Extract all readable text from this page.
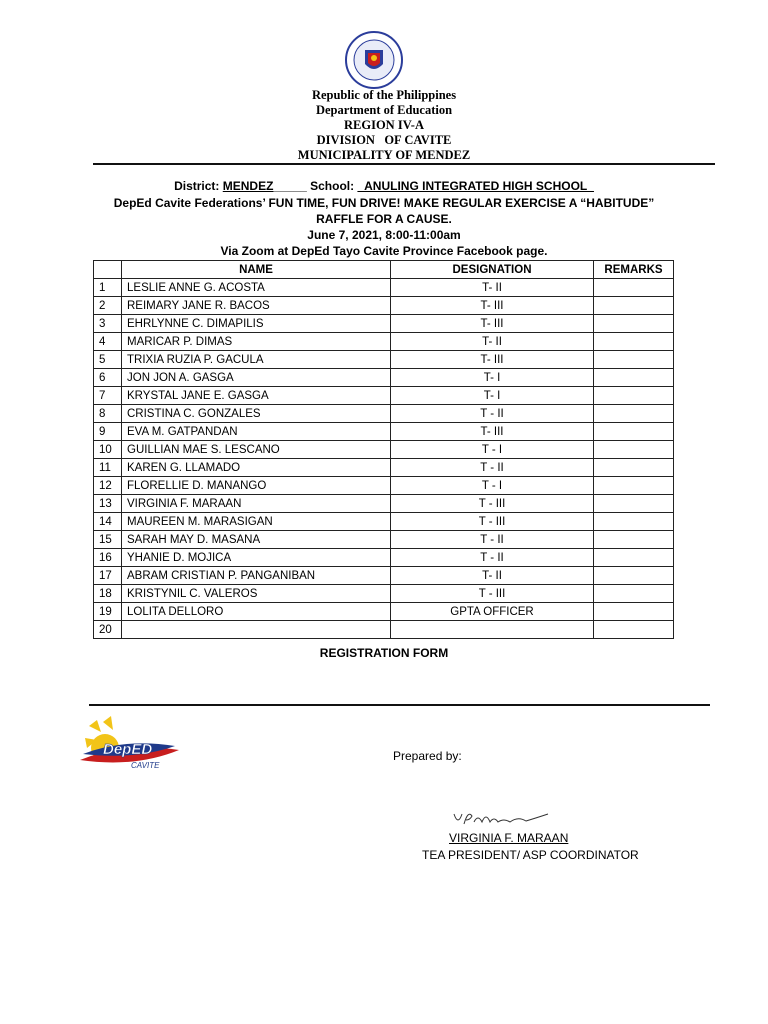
Republic of the Philippines
Department of Education
REGION IV-A
DIVISION   OF CAVITE
MUNICIPALITY OF MENDEZ
District: MENDEZ_____ School: _ANULING INTEGRATED HIGH SCHOOL_
DepEd Cavite Federations’ FUN TIME, FUN DRIVE! MAKE REGULAR EXERCISE A “HABITUDE”
RAFFLE FOR A CAUSE.
June 7, 2021, 8:00-11:00am
Via Zoom at DepEd Tayo Cavite Province Facebook page.
	NAME	DESIGNATION	REMARKS
1	LESLIE ANNE G. ACOSTA	T- II	
2	REIMARY JANE R. BACOS	T- III	
3	EHRLYNNE C. DIMAPILIS	T- III	
4	MARICAR P. DIMAS	T- II	
5	TRIXIA RUZIA P. GACULA	T- III	
6	JON JON A. GASGA	T- I	
7	KRYSTAL JANE E. GASGA	T- I	
8	CRISTINA C. GONZALES	T - II	
9	EVA M. GATPANDAN	T- III	
10	GUILLIAN MAE S. LESCANO	T - I	
11	KAREN G. LLAMADO	T - II	
12	FLORELLIE D. MANANGO	T - I	
13	VIRGINIA F. MARAAN	T - III	
14	MAUREEN M. MARASIGAN	T - III	
15	SARAH MAY D. MASANA	T - II	
16	YHANIE D. MOJICA	T - II	
17	ABRAM CRISTIAN P. PANGANIBAN	T- II	
18	KRISTYNIL C. VALEROS	T - III	
19	LOLITA DELLORO	GPTA OFFICER	
20			
REGISTRATION FORM
DepED
CAVITE
Prepared by:
VIRGINIA F. MARAAN
TEA PRESIDENT/ ASP COORDINATOR
